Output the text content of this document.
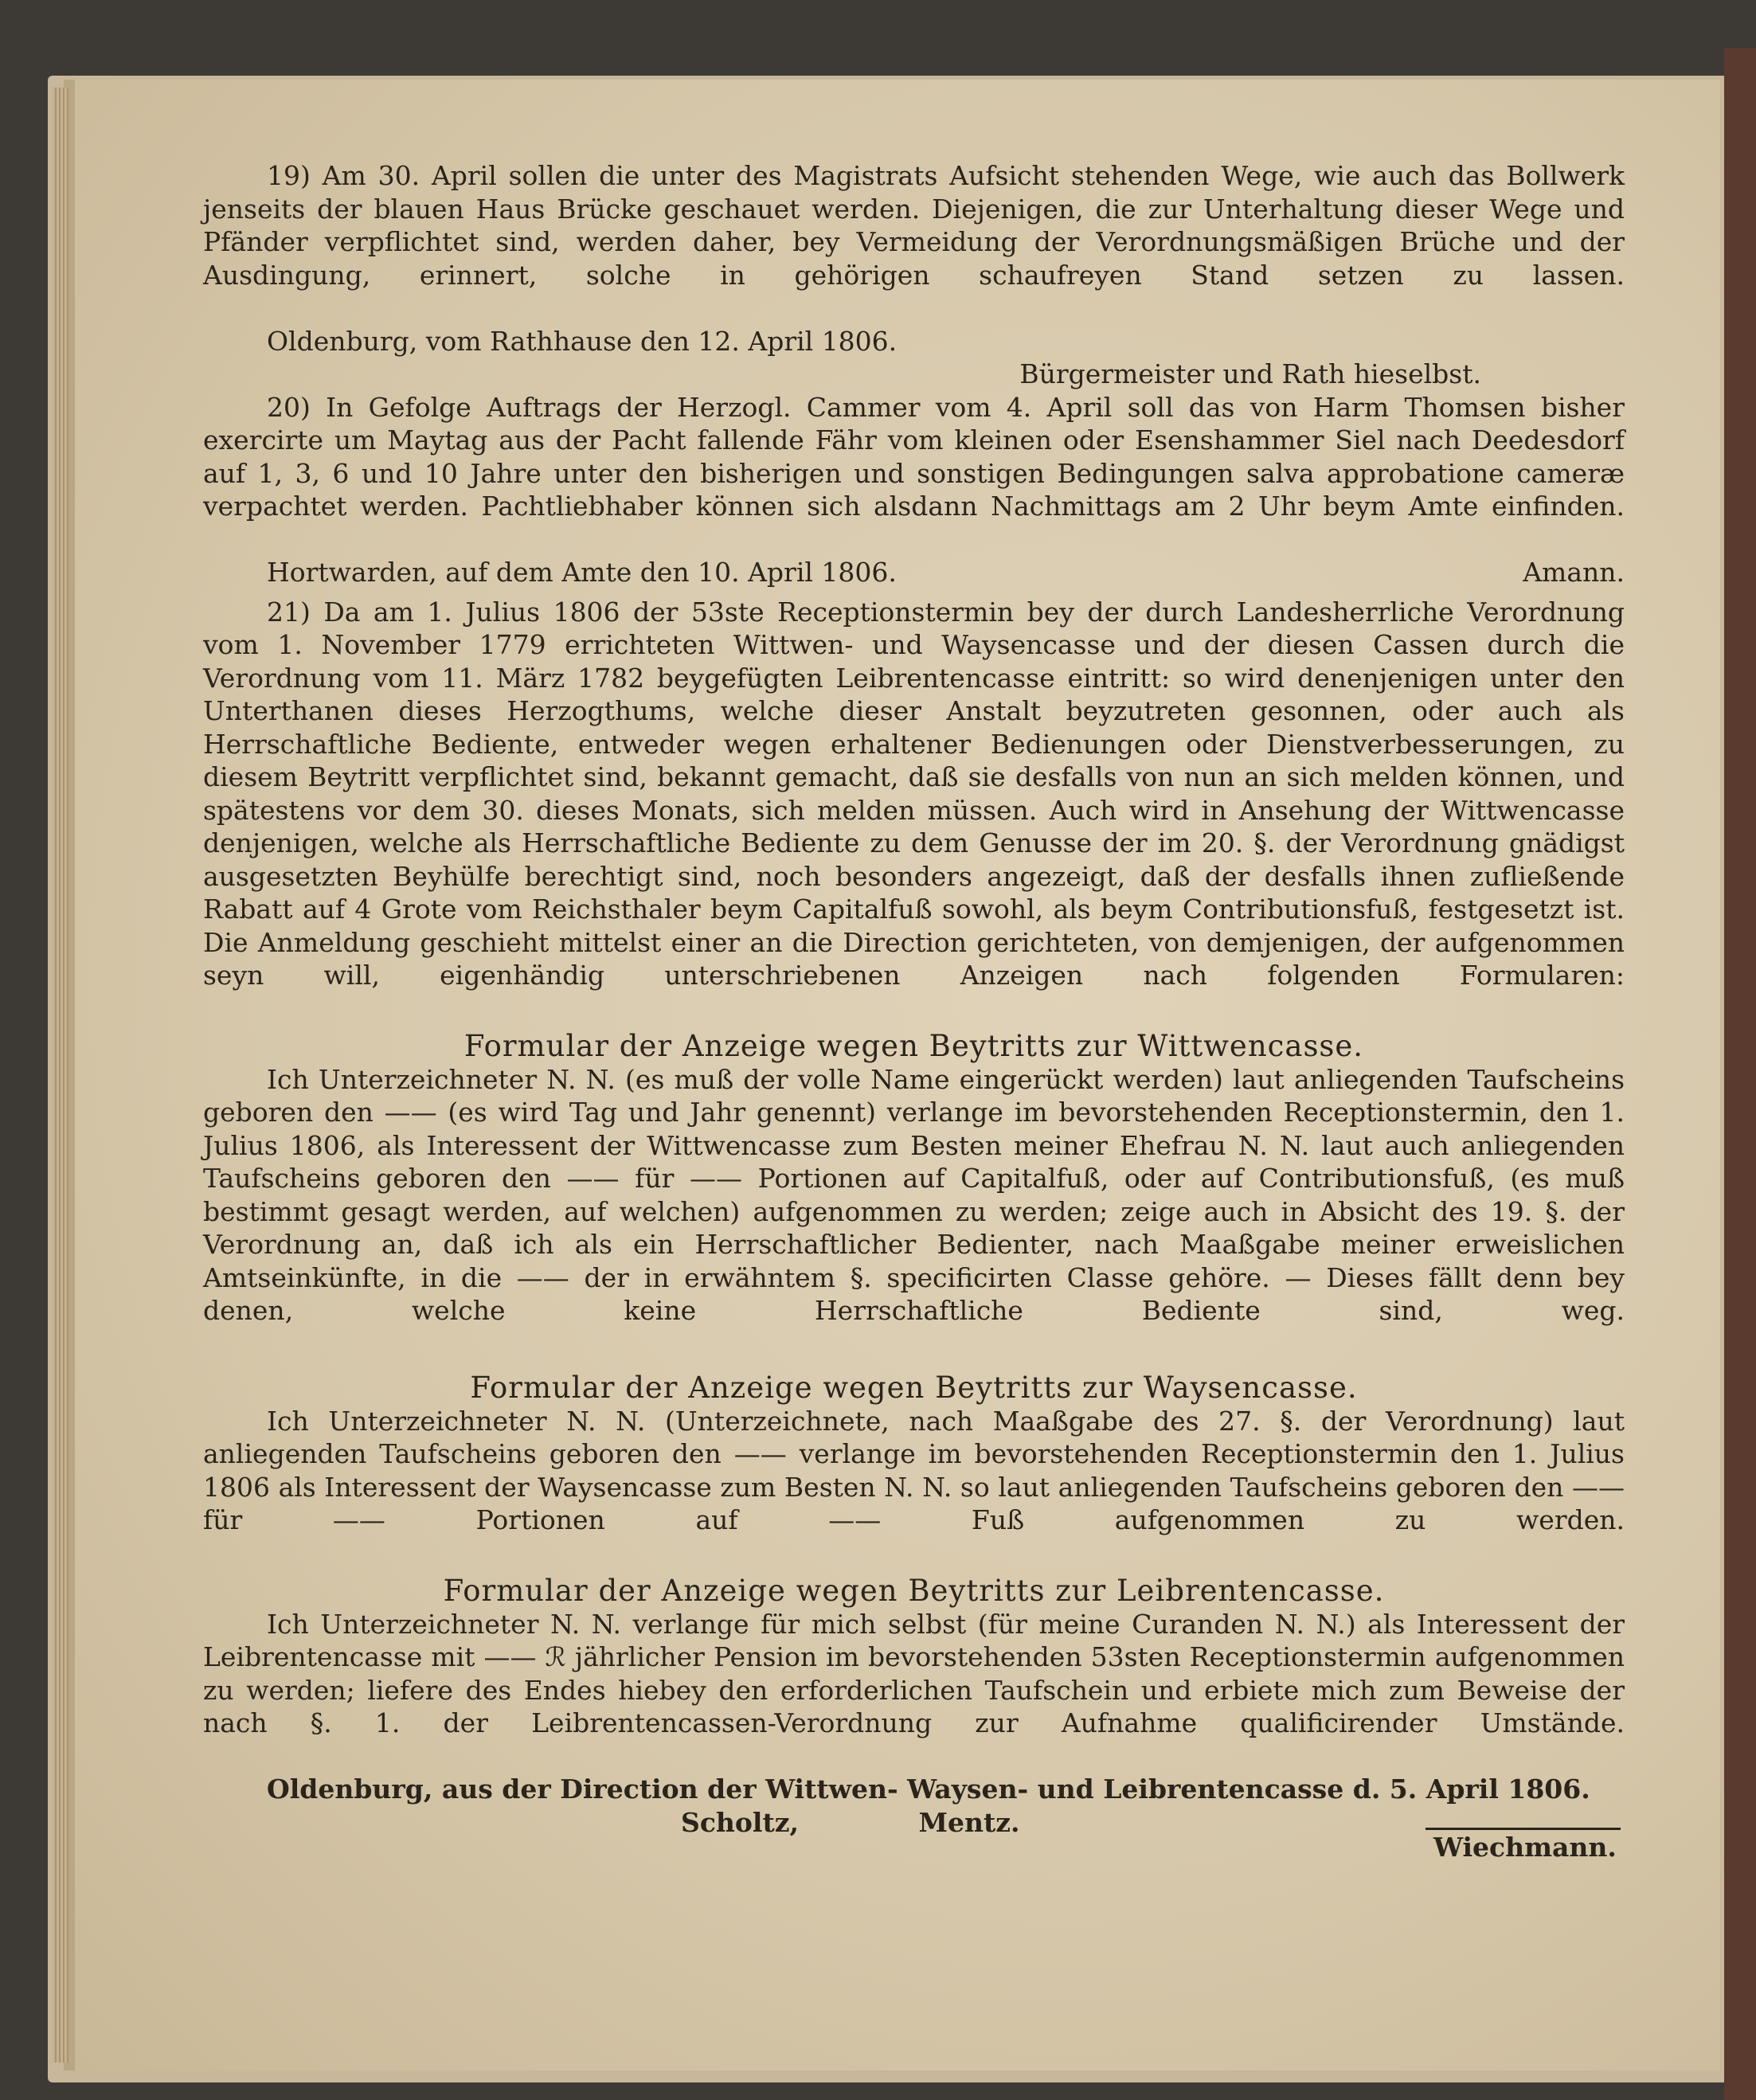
19) Am 30. April sollen die unter des Magistrats Aufsicht stehenden Wege, wie auch das Bollwerk jenseits der blauen Haus Brücke geschauet werden. Diejenigen, die zur Unterhaltung dieser Wege und Pfänder verpflichtet sind, werden daher, bey Vermeidung der Verordnungsmäßigen Brüche und der Ausdingung, erinnert, solche in gehörigen schaufreyen Stand setzen zu lassen.

Oldenburg, vom Rathhause den 12. April 1806.

Bürgermeister und Rath hieselbst.

20) In Gefolge Auftrags der Herzogl. Cammer vom 4. April soll das von Harm Thomsen bisher exercirte um Maytag aus der Pacht fallende Fähr vom kleinen oder Esenshammer Siel nach Deedesdorf auf 1, 3, 6 und 10 Jahre unter den bisherigen und sonstigen Bedingungen salva approbatione cameræ verpachtet werden. Pachtliebhaber können sich alsdann Nachmittags am 2 Uhr beym Amte einfinden.

Hortwarden, auf dem Amte den 10. April 1806.	Amann.

21) Da am 1. Julius 1806 der 53ste Receptionstermin bey der durch Landesherrliche Verordnung vom 1. November 1779 errichteten Wittwen- und Waysencasse und der diesen Cassen durch die Verordnung vom 11. März 1782 beygefügten Leibrentencasse eintritt: so wird denenjenigen unter den Unterthanen dieses Herzogthums, welche dieser Anstalt beyzutreten gesonnen, oder auch als Herrschaftliche Bediente, entweder wegen erhaltener Bedienungen oder Dienstverbesserungen, zu diesem Beytritt verpflichtet sind, bekannt gemacht, daß sie desfalls von nun an sich melden können, und spätestens vor dem 30. dieses Monats, sich melden müssen. Auch wird in Ansehung der Wittwencasse denjenigen, welche als Herrschaftliche Bediente zu dem Genusse der im 20. §. der Verordnung gnädigst ausgesetzten Beyhülfe berechtigt sind, noch besonders angezeigt, daß der desfalls ihnen zufließende Rabatt auf 4 Grote vom Reichsthaler beym Capitalfuß sowohl, als beym Contributionsfuß, festgesetzt ist. Die Anmeldung geschieht mittelst einer an die Direction gerichteten, von demjenigen, der aufgenommen seyn will, eigenhändig unterschriebenen Anzeigen nach folgenden Formularen:

Formular der Anzeige wegen Beytritts zur Wittwencasse.

Ich Unterzeichneter N. N. (es muß der volle Name eingerückt werden) laut anliegenden Taufscheins geboren den —— (es wird Tag und Jahr genennt) verlange im bevorstehenden Receptionstermin, den 1. Julius 1806, als Interessent der Wittwencasse zum Besten meiner Ehefrau N. N. laut auch anliegenden Taufscheins geboren den —— für —— Portionen auf Capitalfuß, oder auf Contributionsfuß, (es muß bestimmt gesagt werden, auf welchen) aufgenommen zu werden; zeige auch in Absicht des 19. §. der Verordnung an, daß ich als ein Herrschaftlicher Bedienter, nach Maaßgabe meiner erweislichen Amtseinkünfte, in die —— der in erwähntem §. specificirten Classe gehöre. — Dieses fällt denn bey denen, welche keine Herrschaftliche Bediente sind, weg.

Formular der Anzeige wegen Beytritts zur Waysencasse.

Ich Unterzeichneter N. N. (Unterzeichnete, nach Maaßgabe des 27. §. der Verordnung) laut anliegenden Taufscheins geboren den —— verlange im bevorstehenden Receptionstermin den 1. Julius 1806 als Interessent der Waysencasse zum Besten N. N. so laut anliegenden Taufscheins geboren den —— für —— Portionen auf —— Fuß aufgenommen zu werden.

Formular der Anzeige wegen Beytritts zur Leibrentencasse.

Ich Unterzeichneter N. N. verlange für mich selbst (für meine Curanden N. N.) als Interessent der Leibrentencasse mit —— ℛ jährlicher Pension im bevorstehenden 53sten Receptionstermin aufgenommen zu werden; liefere des Endes hiebey den erforderlichen Taufschein und erbiete mich zum Beweise der nach §. 1. der Leibrentencassen-Verordnung zur Aufnahme qualificirender Umstände.

Oldenburg, aus der Direction der Wittwen- Waysen- und Leibrentencasse d. 5. April 1806.

Scholtz,	Mentz.
Wiechmann.
